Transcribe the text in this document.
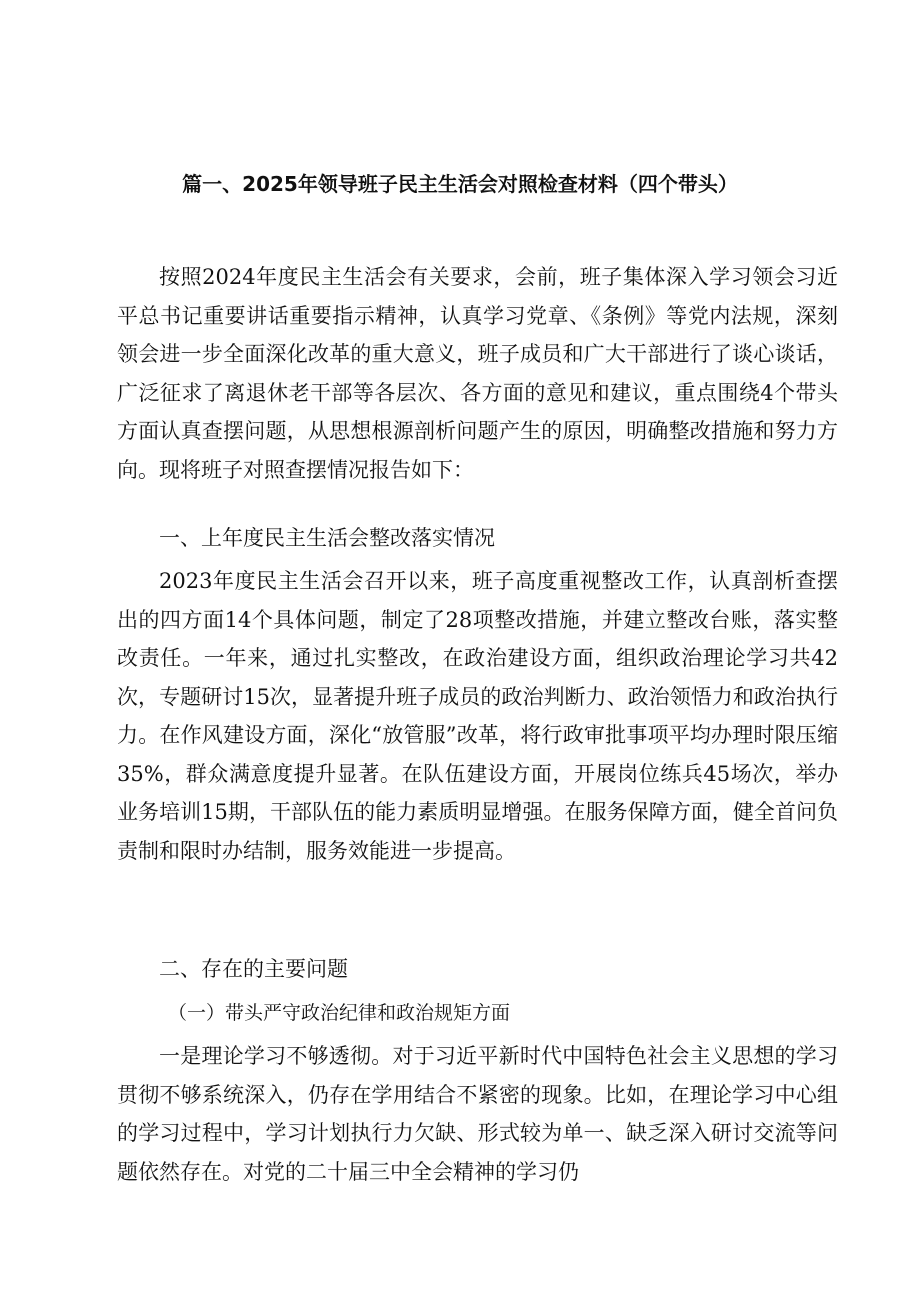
篇一、2025年领导班子民主生活会对照检查材料（四个带头）

按照2024年度民主生活会有关要求，会前，班子集体深入学习领会习近平总书记重要讲话重要指示精神，认真学习党章、《条例》等党内法规，深刻领会进一步全面深化改革的重大意义，班子成员和广大干部进行了谈心谈话，广泛征求了离退休老干部等各层次、各方面的意见和建议，重点围绕4个带头方面认真查摆问题，从思想根源剖析问题产生的原因，明确整改措施和努力方向。现将班子对照查摆情况报告如下：

一、上年度民主生活会整改落实情况

2023年度民主生活会召开以来，班子高度重视整改工作，认真剖析查摆出的四方面14个具体问题，制定了28项整改措施，并建立整改台账，落实整改责任。一年来，通过扎实整改，在政治建设方面，组织政治理论学习共42次，专题研讨15次，显著提升班子成员的政治判断力、政治领悟力和政治执行力。在作风建设方面，深化“放管服”改革，将行政审批事项平均办理时限压缩35%，群众满意度提升显著。在队伍建设方面，开展岗位练兵45场次，举办业务培训15期，干部队伍的能力素质明显增强。在服务保障方面，健全首问负责制和限时办结制，服务效能进一步提高。

二、存在的主要问题
（一）带头严守政治纪律和政治规矩方面

一是理论学习不够透彻。对于习近平新时代中国特色社会主义思想的学习贯彻不够系统深入，仍存在学用结合不紧密的现象。比如，在理论学习中心组的学习过程中，学习计划执行力欠缺、形式较为单一、缺乏深入研讨交流等问题依然存在。对党的二十届三中全会精神的学习仍
